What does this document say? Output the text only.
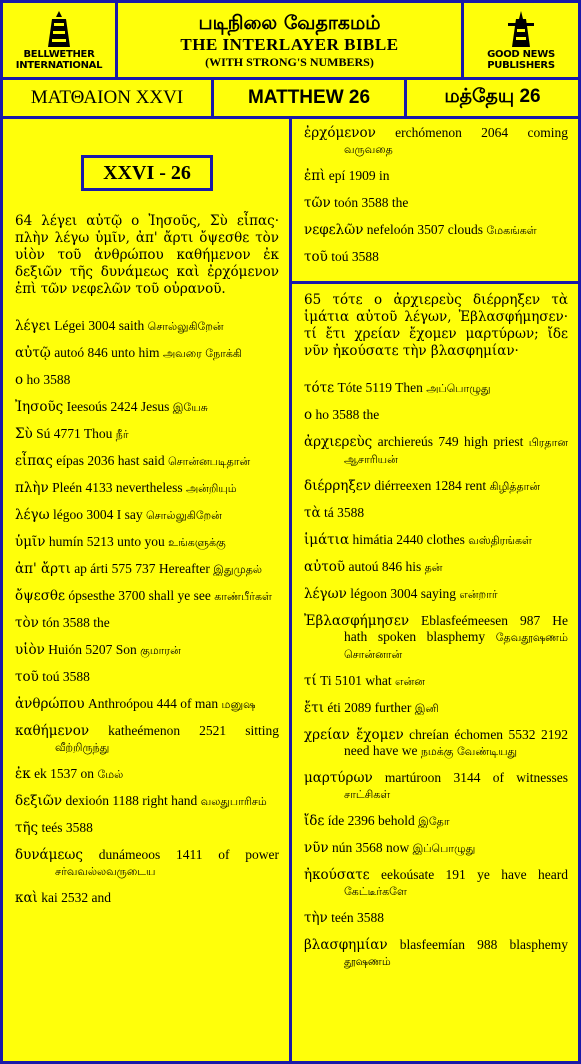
BELLWETHER INTERNATIONAL
படிநிலை வேதாகமம்
THE INTERLAYER BIBLE
(WITH STRONG'S NUMBERS)
GOOD NEWS PUBLISHERS
ΜΑΤΘΑΙΟΝ XXVI	MATTHEW 26	மத்தேயு 26
XXVI - 26
64 λέγει αὐτῷ ο Ἰησοῦς, Σὺ εἶπας· πλὴν λέγω ὑμῖν, ἀπ' ἄρτι ὄψεσθε τὸν υἱὸν τοῦ ἀνθρώπου καθήμενον ἐκ δεξιῶν τῆς δυνάμεως καὶ ἐρχόμενον ἐπὶ τῶν νεφελῶν τοῦ οὐρανοῦ.
λέγει Légei 3004 saith சொல்லுகிறேன்
αὐτῷ autoó 846 unto him அவரை நோக்கி
ο ho 3588
Ἰησοῦς Ieesoús 2424 Jesus இயேசு
Σὺ Sú 4771 Thou நீர்
εἶπας eípas 2036 hast said சொன்னபடிதான்
πλὴν Pleén 4133 nevertheless அன்றியும்
λέγω légoo 3004 I say சொல்லுகிறேன்
ὑμῖν humín 5213 unto you உங்களுக்கு
ἀπ' ἄρτι ap árti 575 737 Hereafter இதுமுதல்
ὄψεσθε ópsesthe 3700 shall ye see காண்பீர்கள்
τὸν tón 3588 the
υἱὸν Huión 5207 Son குமாரன்
τοῦ toú 3588
ἀνθρώπου Anthroópou 444 of man மனுஷ
καθήμενον katheémenon 2521 sitting வீற்றிருந்து
ἐκ ek 1537 on மேல்
δεξιῶν dexioón 1188 right hand வலதுபாரிசம்
τῆς teés 3588
δυνάμεως dunámeoos 1411 of power சர்வவல்லவருடைய
καὶ kai 2532 and
ἐρχόμενον erchómenon 2064 coming வருவதை
ἐπὶ epí 1909 in
τῶν toón 3588 the
νεφελῶν nefeloón 3507 clouds மேகங்கள்
τοῦ toú 3588
65 τότε ο ἀρχιερεὺς διέρρηξεν τὰ ἱμάτια αὐτοῦ λέγων, Ἐβλασφήμησεν· τί ἔτι χρείαν ἔχομεν μαρτύρων; ἴδε νῦν ἠκούσατε τὴν βλασφημίαν·
τότε Tóte 5119 Then அப்பொழுது
ο ho 3588 the
ἀρχιερεὺς archiereús 749 high priest பிரதான ஆசாரியன்
διέρρηξεν diérreexen 1284 rent கிழித்தான்
τὰ tá 3588
ἱμάτια himátia 2440 clothes வஸ்திரங்கள்
αὐτοῦ autoú 846 his தன்
λέγων légoon 3004 saying என்றார்
Ἐβλασφήμησεν Eblasfeémeesen 987 He hath spoken blasphemy தேவதூஷணம் சொன்னான்
τί Ti 5101 what என்ன
ἔτι éti 2089 further இனி
χρείαν ἔχομεν chreían échomen 5532 2192 need have we நமக்கு வேண்டியது
μαρτύρων martúroon 3144 of witnesses சாட்சிகள்
ἴδε íde 2396 behold இதோ
νῦν nún 3568 now இப்பொழுது
ἠκούσατε eekoúsate 191 ye have heard கேட்டீர்களே
τὴν teén 3588
βλασφημίαν blasfeemían 988 blasphemy தூஷணம்
